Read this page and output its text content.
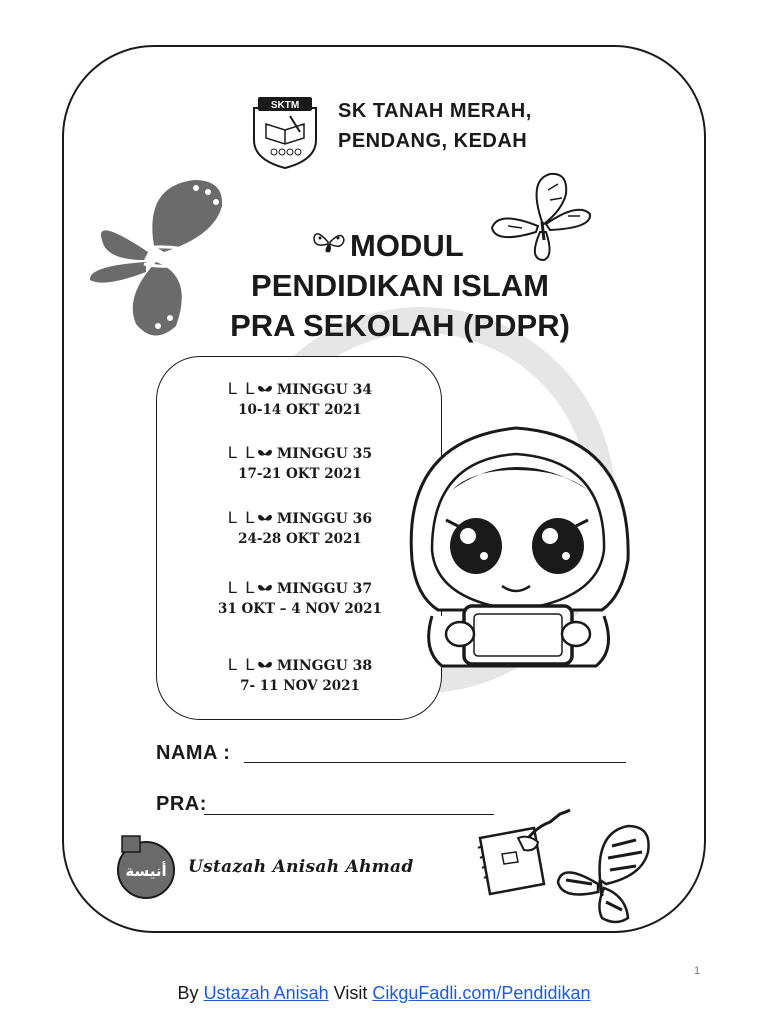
SKTM SK TANAH MERAH,
PENDANG, KEDAH
MODUL
PENDIDIKAN ISLAM
PRA SEKOLAH (PDPR)
L L MINGGU 34
10-14 OKT 2021
L L MINGGU 35
17-21 OKT 2021
L L MINGGU 36
24-28 OKT 2021
L L MINGGU 37
31 OKT – 4 NOV 2021
L L MINGGU 38
7- 11 NOV 2021
NAMA :
PRA:
أنيسة Ustazah Anisah Ahmad
1
By Ustazah Anisah Visit CikguFadli.com/Pendidikan
